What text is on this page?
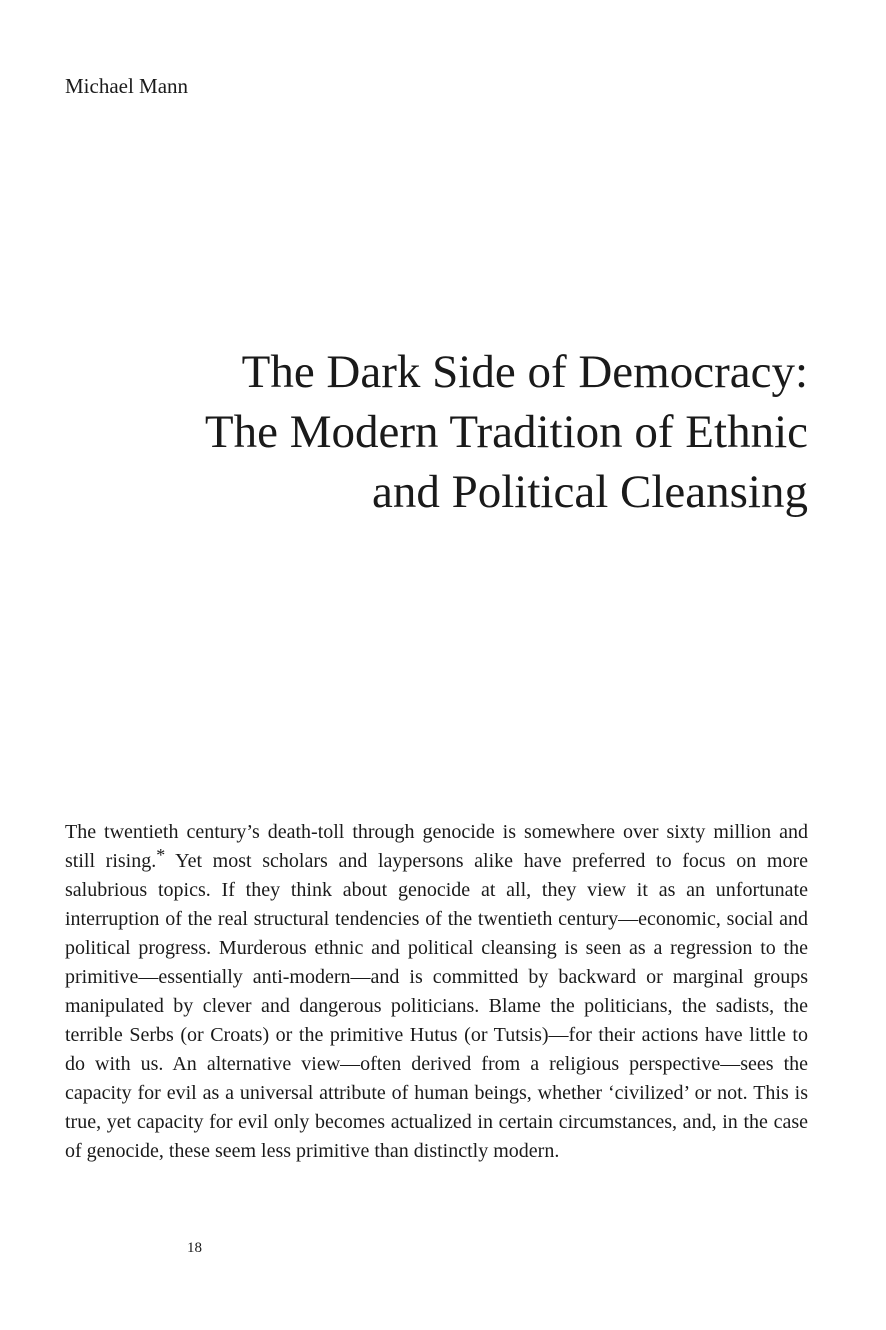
Michael Mann

The Dark Side of Democracy:
The Modern Tradition of Ethnic
and Political Cleansing

The twentieth century’s death-toll through genocide is somewhere over sixty million and still rising.* Yet most scholars and laypersons alike have preferred to focus on more salubrious topics. If they think about genocide at all, they view it as an unfortunate interruption of the real structural tendencies of the twentieth century—economic, social and political progress. Murderous ethnic and political cleansing is seen as a regression to the primitive—essentially anti-modern—and is committed by backward or marginal groups manipulated by clever and dangerous politicians. Blame the politicians, the sadists, the terrible Serbs (or Croats) or the primitive Hutus (or Tutsis)—for their actions have little to do with us. An alternative view—often derived from a religious perspective—sees the capacity for evil as a universal attribute of human beings, whether ‘civilized’ or not. This is true, yet capacity for evil only becomes actualized in certain circumstances, and, in the case of genocide, these seem less primitive than distinctly modern.

18
